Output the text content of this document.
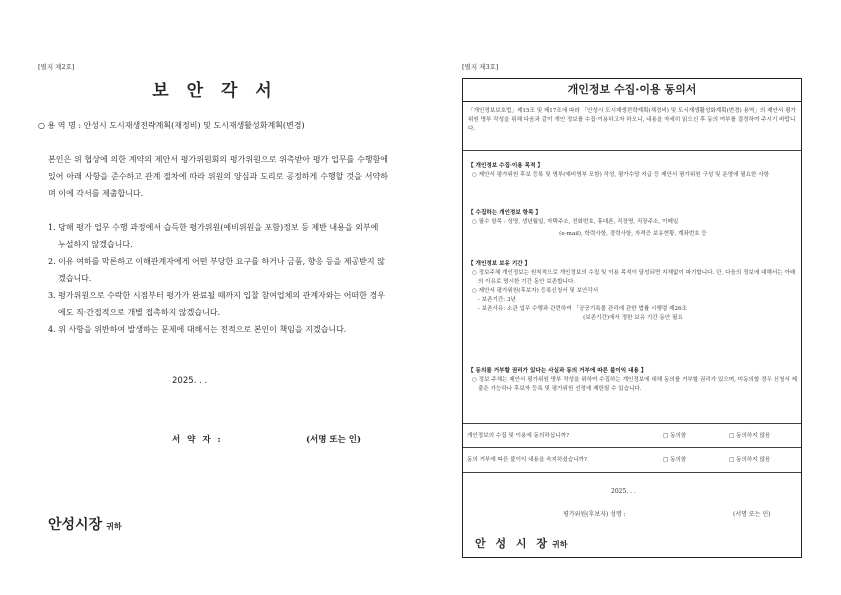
[별지 제2호]
보 안 각 서
○ 용 역 명 : 안성시 도시재생전략계획(재정비) 및 도시재생활성화계획(변경)
본인은 위 협상에 의한 계약의 제안서 평가위원회의 평가위원으로 위촉받아 평가 업무를 수행함에 있어 아래 사항을 준수하고 관계 절차에 따라 위원의 양심과 도리로 공정하게 수행할 것을 서약하며 이에 각서를 제출합니다.
1. 당해 평가 업무 수행 과정에서 습득한 평가위원(예비위원을 포함)정보 등 제반 내용을 외부에 누설하지 않겠습니다.
2. 이유 여하를 막론하고 이해관계자에게 어떤 부당한 요구를 하거나 금품, 향응 등을 제공받지 않겠습니다.
3. 평가위원으로 수락한 시점부터 평가가 완료될 때까지 입찰 참여업체의 관계자와는 어떠한 경우에도 직·간접적으로 개별 접촉하지 않겠습니다.
4. 위 사항을 위반하여 발생하는 문제에 대해서는 전적으로 본인이 책임을 지겠습니다.
2025. . .
서 약 자 :	(서명 또는 인)
안성시장 귀하
[별지 제3호]
개인정보 수집·이용 동의서
「개인정보보호법」제15조 및 제17조에 따라 「안성시 도시재생전략계획(재정비) 및 도시재생활성화계획(변경) 용역」의 제안서 평가 위원 명부 작성을 위해 다음과 같이 개인 정보를 수집·이용하고자 하오니, 내용을 자세히 읽으신 후 동의 여부를 결정하여 주시기 바랍니다.
【 개인정보 수집·이용 목적 】
○ 제안서 평가위원 후보 등록 및 명부(예비명부 포함) 작성, 평가수당 지급 등 제안서 평가위원 구성 및 운영에 필요한 사항
【 수집하는 개인정보 항목 】
○ 필수 항목 : 성명, 생년월일, 자택주소, 전화번호, 휴대폰, 직장명, 직장주소, 이메일
(e-mail), 학력사항, 경력사항, 자격증 보유현황, 계좌번호 등
【 개인정보 보유 기간 】
○ 정보주체 개인정보는 원칙적으로 개인정보의 수집 및 이용 목적이 달성되면 지체없이 파기합니다. 단, 다음의 정보에 대해서는 아래의 이유로 명시한 기간 동안 보존합니다.
○ 제안서 평가위원(후보자) 등록신청서 및 보안각서
- 보존기간: 3년
- 보존사유: 소관 업무 수행과 관련하여 「공공기록물 관리에 관한 법률 시행령 제26조
(보존기간)에서 정한 보유 기간 동안 필요
【 동의를 거부할 권리가 있다는 사실과 동의 거부에 따른 불이익 내용 】
○ 정보 주체는 제안서 평가위원 명부 작성을 위하여 수집하는 개인정보에 대해 동의를 거부할 권리가 있으며, 미동의할 경우 신청서 제출은 가능하나 후보자 등록 및 평가위원 선정에 제한될 수 있습니다.
개인정보의 수집 및 이용에 동의하십니까?	□ 동의함	□ 동의하지 않음
동의 거부에 따른 불이익 내용을 숙지하셨습니까?	□ 동의함	□ 동의하지 않음
2025. . .
평가위원(후보자) 성명 :	(서명 또는 인)
안 성 시 장 귀하
